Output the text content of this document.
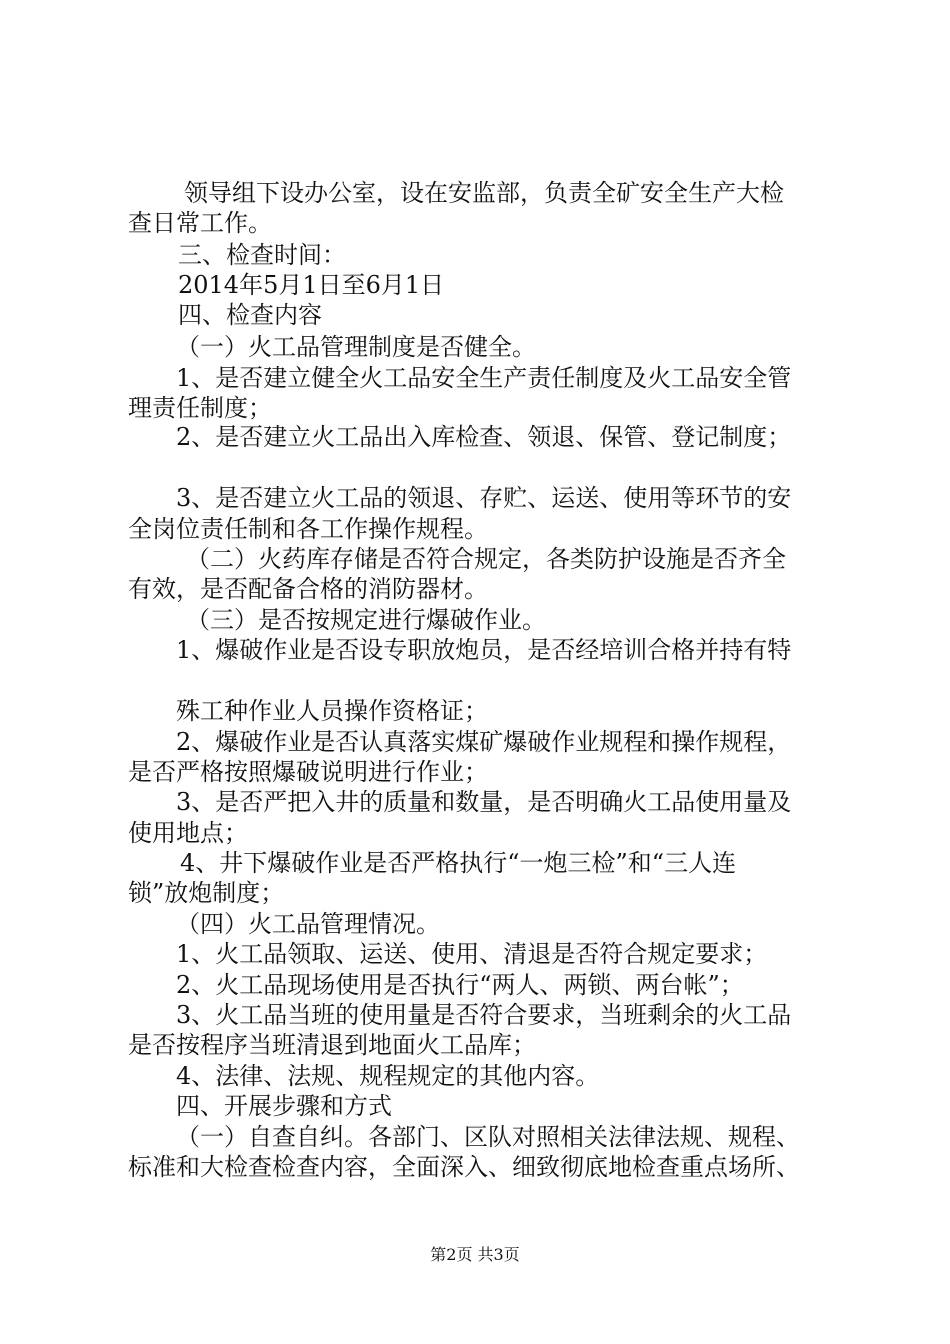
领导组下设办公室，设在安监部，负责全矿安全生产大检
查日常工作。
三、检查时间：
2014年5月1日至6月1日
四、检查内容
（一）火工品管理制度是否健全。
1、是否建立健全火工品安全生产责任制度及火工品安全管
理责任制度；
2、是否建立火工品出入库检查、领退、保管、登记制度；
3、是否建立火工品的领退、存贮、运送、使用等环节的安
全岗位责任制和各工作操作规程。
（二）火药库存储是否符合规定，各类防护设施是否齐全
有效，是否配备合格的消防器材。
（三）是否按规定进行爆破作业。
1、爆破作业是否设专职放炮员，是否经培训合格并持有特
殊工种作业人员操作资格证；
2、爆破作业是否认真落实煤矿爆破作业规程和操作规程，
是否严格按照爆破说明进行作业；
3、是否严把入井的质量和数量，是否明确火工品使用量及
使用地点；
4、井下爆破作业是否严格执行“一炮三检”和“三人连
锁”放炮制度；
（四）火工品管理情况。
1、火工品领取、运送、使用、清退是否符合规定要求；
2、火工品现场使用是否执行“两人、两锁、两台帐”；
3、火工品当班的使用量是否符合要求，当班剩余的火工品
是否按程序当班清退到地面火工品库；
4、法律、法规、规程规定的其他内容。
四、开展步骤和方式
（一）自查自纠。各部门、区队对照相关法律法规、规程、
标准和大检查检查内容，全面深入、细致彻底地检查重点场所、
第2页 共3页
